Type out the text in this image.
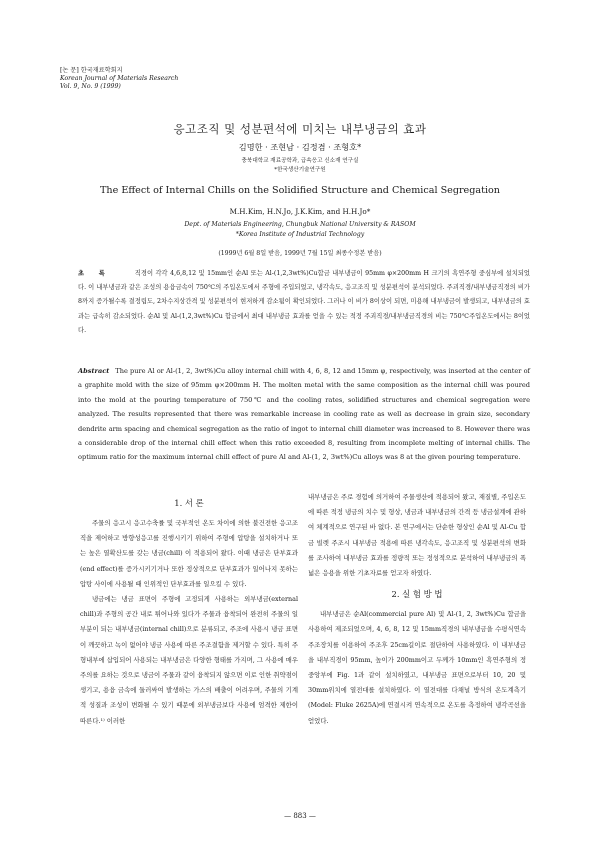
[논 문] 한국재료학회지
Korean Journal of Materials Research
Vol. 9, No. 9 (1999)
응고조직 및 성분편석에 미치는 내부냉금의 효과
김명한 · 조현남 · 김정겸 · 조형호*
충북대학교 재료공학과, 급속응고 신소재 연구실
*한국생산기술연구원
The Effect of Internal Chills on the Solidified Structure and Chemical Segregation
M.H.Kim, H.N.Jo, J.K.Kim, and H.H.Jo*
Dept. of Materials Engineering, Chungbuk National University & RASOM
*Korea Institute of Industrial Technology
(1999년 6월 8일 받음, 1999년 7월 15일 최종수정본 받음)
초 록	직경이 각각 4,6,8,12 및 15mm인 순Al 또는 Al-(1,2,3wt%)Cu합금 내부냉금이 95mm φ×200mm H 크기의 흑연주형 중심부에 설치되었다. 이 내부냉금과 같은 조성의 용융금속이 750℃의 주입온도에서 주형에 주입되었고, 냉각속도, 응고조직 및 성분편석이 분석되었다. 주괴직경/내부냉금직경의 비가 8까지 증가될수록 결정립도, 2차수지상간격 및 성분편석이 현저하게 감소됨이 확인되었다. 그러나 이 비가 8이상이 되면, 미용해 내부냉금이 발생되고, 내부냉금의 효과는 급속히 감소되었다. 순Al 및 Al-(1,2,3wt%)Cu 합금에서 최대 내부냉금 효과를 얻을 수 있는 적정 주괴직경/내부냉금직경의 비는 750℃주입온도에서는 8이었다.
Abstract The pure Al or Al-(1, 2, 3wt%)Cu alloy internal chill with 4, 6, 8, 12 and 15mm φ, respectively, was inserted at the center of a graphite mold with the size of 95mm φ×200mm H. The molten metal with the same composition as the internal chill was poured into the mold at the pouring temperature of 750℃ and the cooling rates, solidified structures and chemical segregation were analyzed. The results represented that there was remarkable increase in cooling rate as well as decrease in grain size, secondary dendrite arm spacing and chemical segregation as the ratio of ingot to internal chill diameter was increased to 8. However there was a considerable drop of the internal chill effect when this ratio exceeded 8, resulting from incomplete melting of internal chills. The optimum ratio for the maximum internal chill effect of pure Al and Al-(1, 2, 3wt%)Cu alloys was 8 at the given pouring temperature.
1. 서 론
주물의 응고시 응고수축률 및 국부적인 온도 차이에 의한 불건전한 응고조직을 제어하고 방향성응고를 진행시키기 위하여 주형에 압탕을 설치하거나 또는 높은 열확산도를 갖는 냉금(chill) 이 적용되어 왔다. 이때 냉금은 단부효과(end effect)를 증가시키기거나 또한 정상적으로 단부효과가 일어나지 못하는 압탕 사이에 사용될 때 인위적인 단부효과를 일으킬 수 있다.
냉금에는 냉금 표면이 주형에 고정되게 사용하는 외부냉금(external chill)과 주형의 공간 내로 튀어나와 있다가 주물과 융착되어 완전히 주물의 일부분이 되는 내부냉금(internal chill)으로 분류되고, 주조에 사용시 냉금 표면이 깨끗하고 녹이 없어야 냉금 사용에 따른 주조결함을 제거할 수 있다. 특히 주형내부에 삽입되어 사용되는 내부냉금은 다양한 형태를 가지며, 그 사용에 매우 주의를 요하는 것으로 냉금이 주물과 같이 융착되지 않으면 이로 인한 취약점이 생기고, 용융 금속에 둘러싸여 발생하는 가스의 배출이 어려우며, 주물의 기계적 성질과 조성이 변화될 수 있기 때문에 외부냉금보다 사용에 엄격한 제한이 따른다.¹⁾ 이러한
내부냉금은 주로 경험에 의거하여 주물생산에 적용되어 왔고, 재질별, 주입온도에 따른 적정 냉금의 치수 및 형상, 냉금과 내부냉금의 간격 등 냉금설계에 관하여 체계적으로 연구된 바 없다. 본 연구에서는 단순한 형상인 순Al 및 Al-Cu 합금 빌렛 주조시 내부냉금 적용에 따른 냉각속도, 응고조직 및 성분편석의 변화를 조사하여 내부냉금 효과를 정량적 또는 정성적으로 분석하여 내부냉금의 폭넓은 응용을 위한 기초자료를 얻고자 하였다.
2. 실 험 방 법
내부냉금은 순Al(commercial pure Al) 및 Al-(1, 2, 3wt%)Cu 합금을 사용하여 제조되었으며, 4, 6, 8, 12 및 15mm직경의 내부냉금을 수평식연속주조장치를 이용하여 주조후 25cm길이로 절단하여 사용하였다. 이 내부냉금을 내부직경이 95mm, 높이가 200mm이고 두께가 10mm인 흑연주형의 정중앙부에 Fig. 1과 같이 설치하였고, 내부냉금 표면으로부터 10, 20 및 30mm위치에 열전대를 설치하였다. 이 열전대를 다채널 방식의 온도계측기(Model: Fluke 2625A)에 연결시켜 연속적으로 온도를 측정하여 냉각곡선을 얻었다.
— 883 —
